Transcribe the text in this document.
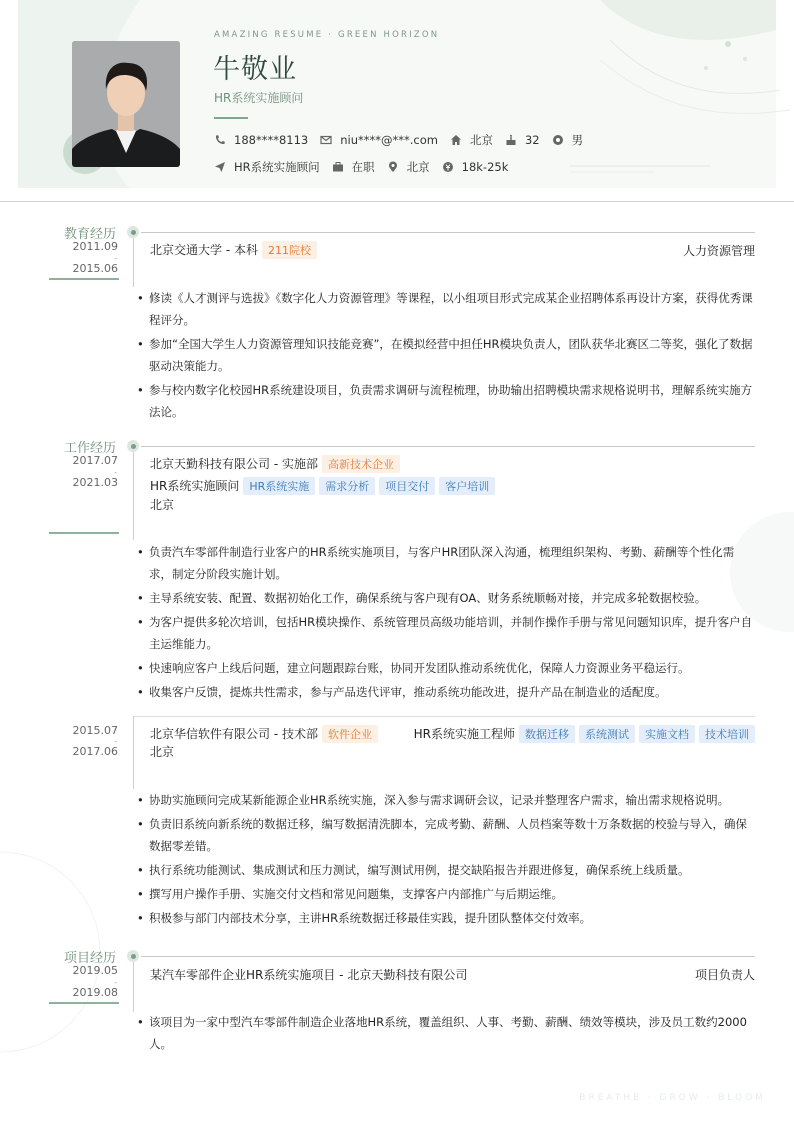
AMAZING RESUME · GREEN HORIZON
牛敬业
HR系统实施顾问
188****8113	niu****@***.com	北京	32	男
HR系统实施顾问	在职	北京	18k-25k
教育经历
2011.09
-
2015.06
北京交通大学 - 本科 211院校	人力资源管理
• 修读《人才测评与选拔》《数字化人力资源管理》等课程，以小组项目形式完成某企业招聘体系再设计方案，获得优秀课程评分。
• 参加“全国大学生人力资源管理知识技能竞赛”，在模拟经营中担任HR模块负责人，团队获华北赛区二等奖，强化了数据驱动决策能力。
• 参与校内数字化校园HR系统建设项目，负责需求调研与流程梳理，协助输出招聘模块需求规格说明书，理解系统实施方法论。
工作经历
2017.07
-
2021.03
北京天勤科技有限公司 - 实施部 高新技术企业
HR系统实施顾问 HR系统实施 需求分析 项目交付 客户培训
北京
• 负责汽车零部件制造行业客户的HR系统实施项目，与客户HR团队深入沟通，梳理组织架构、考勤、薪酬等个性化需求，制定分阶段实施计划。
• 主导系统安装、配置、数据初始化工作，确保系统与客户现有OA、财务系统顺畅对接，并完成多轮数据校验。
• 为客户提供多轮次培训，包括HR模块操作、系统管理员高级功能培训，并制作操作手册与常见问题知识库，提升客户自主运维能力。
• 快速响应客户上线后问题，建立问题跟踪台账，协同开发团队推动系统优化，保障人力资源业务平稳运行。
• 收集客户反馈，提炼共性需求，参与产品迭代评审，推动系统功能改进，提升产品在制造业的适配度。
2015.07
-
2017.06
北京华信软件有限公司 - 技术部 软件企业	HR系统实施工程师 数据迁移 系统测试 实施文档 技术培训
北京
• 协助实施顾问完成某新能源企业HR系统实施，深入参与需求调研会议，记录并整理客户需求，输出需求规格说明。
• 负责旧系统向新系统的数据迁移，编写数据清洗脚本，完成考勤、薪酬、人员档案等数十万条数据的校验与导入，确保数据零差错。
• 执行系统功能测试、集成测试和压力测试，编写测试用例，提交缺陷报告并跟进修复，确保系统上线质量。
• 撰写用户操作手册、实施交付文档和常见问题集，支撑客户内部推广与后期运维。
• 积极参与部门内部技术分享，主讲HR系统数据迁移最佳实践，提升团队整体交付效率。
项目经历
2019.05
-
2019.08
某汽车零部件企业HR系统实施项目 - 北京天勤科技有限公司	项目负责人
• 该项目为一家中型汽车零部件制造企业落地HR系统，覆盖组织、人事、考勤、薪酬、绩效等模块，涉及员工数约2000人。
BREATHE · GROW · BLOOM
